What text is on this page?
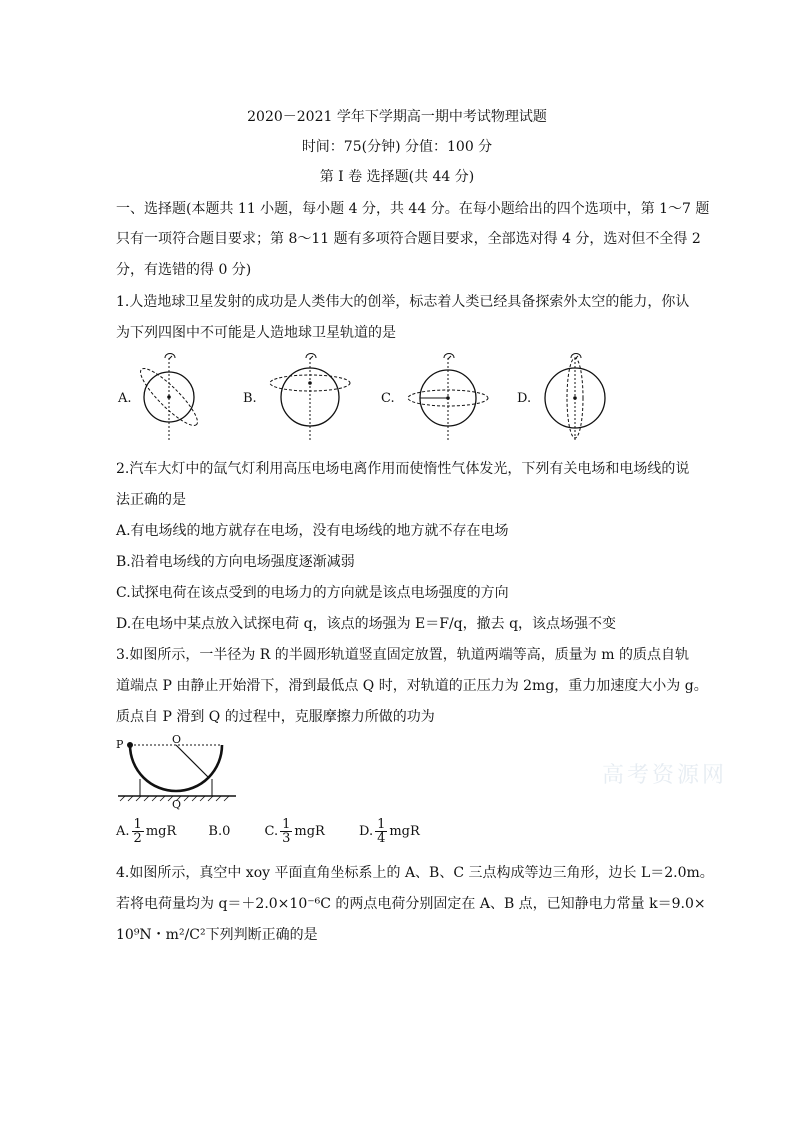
2020－2021 学年下学期高一期中考试物理试题
时间：75(分钟) 分值：100 分
第 I 卷 选择题(共 44 分)
一、选择题(本题共 11 小题，每小题 4 分，共 44 分。在每小题给出的四个选项中，第 1～7 题
只有一项符合题目要求；第 8～11 题有多项符合题目要求，全部选对得 4 分，选对但不全得 2
分，有选错的得 0 分)
1.人造地球卫星发射的成功是人类伟大的创举，标志着人类已经具备探索外太空的能力，你认
为下列四图中不可能是人造地球卫星轨道的是
A.	B.	C.	D.
2.汽车大灯中的氙气灯利用高压电场电离作用而使惰性气体发光，下列有关电场和电场线的说
法正确的是
A.有电场线的地方就存在电场，没有电场线的地方就不存在电场
B.沿着电场线的方向电场强度逐渐减弱
C.试探电荷在该点受到的电场力的方向就是该点电场强度的方向
D.在电场中某点放入试探电荷 q，该点的场强为 E＝F/q，撤去 q，该点场强不变
3.如图所示，一半径为 R 的半圆形轨道竖直固定放置，轨道两端等高，质量为 m 的质点自轨
道端点 P 由静止开始滑下，滑到最低点 Q 时，对轨道的正压力为 2mg，重力加速度大小为 g。
质点自 P 滑到 Q 的过程中，克服摩擦力所做的功为
P	O
Q
A. $\frac{1}{2}$ mgR B.0	C. $\frac{1}{3}$ mgR	D. $\frac{1}{4}$ mgR
4.如图所示，真空中 xoy 平面直角坐标系上的 A、B、C 三点构成等边三角形，边长 L＝2.0m。
若将电荷量均为 q＝＋2.0×10⁻⁶C 的两点电荷分别固定在 A、B 点，已知静电力常量 k＝9.0×
10⁹N・m²/C²下列判断正确的是
高考资源网
